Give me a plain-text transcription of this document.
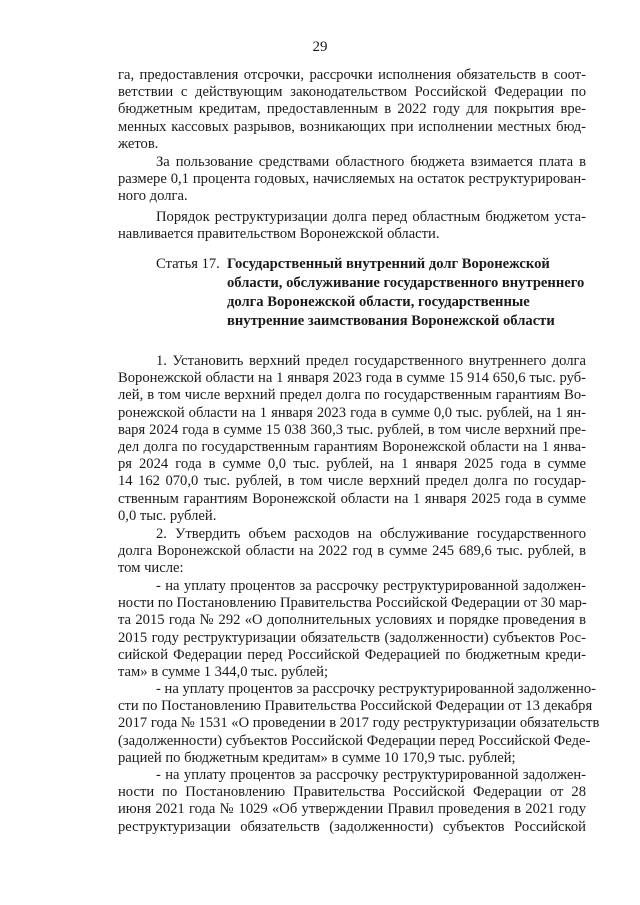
29
га, предоставления отсрочки, рассрочки исполнения обязательств в соот-
ветствии с действующим законодательством Российской Федерации по
бюджетным кредитам, предоставленным в 2022 году для покрытия вре-
менных кассовых разрывов, возникающих при исполнении местных бюд-
жетов.
За пользование средствами областного бюджета взимается плата в
размере 0,1 процента годовых, начисляемых на остаток реструктурирован-
ного долга.
Порядок реструктуризации долга перед областным бюджетом уста-
навливается правительством Воронежской области.
Статья 17. Государственный внутренний долг Воронежской
области, обслуживание государственного внутреннего
долга Воронежской области, государственные
внутренние заимствования Воронежской области
1. Установить верхний предел государственного внутреннего долга
Воронежской области на 1 января 2023 года в сумме 15 914 650,6 тыс. руб-
лей, в том числе верхний предел долга по государственным гарантиям Во-
ронежской области на 1 января 2023 года в сумме 0,0 тыс. рублей, на 1 ян-
варя 2024 года в сумме 15 038 360,3 тыс. рублей, в том числе верхний пре-
дел долга по государственным гарантиям Воронежской области на 1 янва-
ря 2024 года в сумме 0,0 тыс. рублей, на 1 января 2025 года в сумме
14 162 070,0 тыс. рублей, в том числе верхний предел долга по государ-
ственным гарантиям Воронежской области на 1 января 2025 года в сумме
0,0 тыс. рублей.
2. Утвердить объем расходов на обслуживание государственного
долга Воронежской области на 2022 год в сумме 245 689,6 тыс. рублей, в
том числе:
- на уплату процентов за рассрочку реструктурированной задолжен-
ности по Постановлению Правительства Российской Федерации от 30 мар-
та 2015 года № 292 «О дополнительных условиях и порядке проведения в
2015 году реструктуризации обязательств (задолженности) субъектов Рос-
сийской Федерации перед Российской Федерацией по бюджетным креди-
там» в сумме 1 344,0 тыс. рублей;
- на уплату процентов за рассрочку реструктурированной задолженно-
сти по Постановлению Правительства Российской Федерации от 13 декабря
2017 года № 1531 «О проведении в 2017 году реструктуризации обязательств
(задолженности) субъектов Российской Федерации перед Российской Феде-
рацией по бюджетным кредитам» в сумме 10 170,9 тыс. рублей;
- на уплату процентов за рассрочку реструктурированной задолжен-
ности по Постановлению Правительства Российской Федерации от 28
июня 2021 года № 1029 «Об утверждении Правил проведения в 2021 году
реструктуризации обязательств (задолженности) субъектов Российской
